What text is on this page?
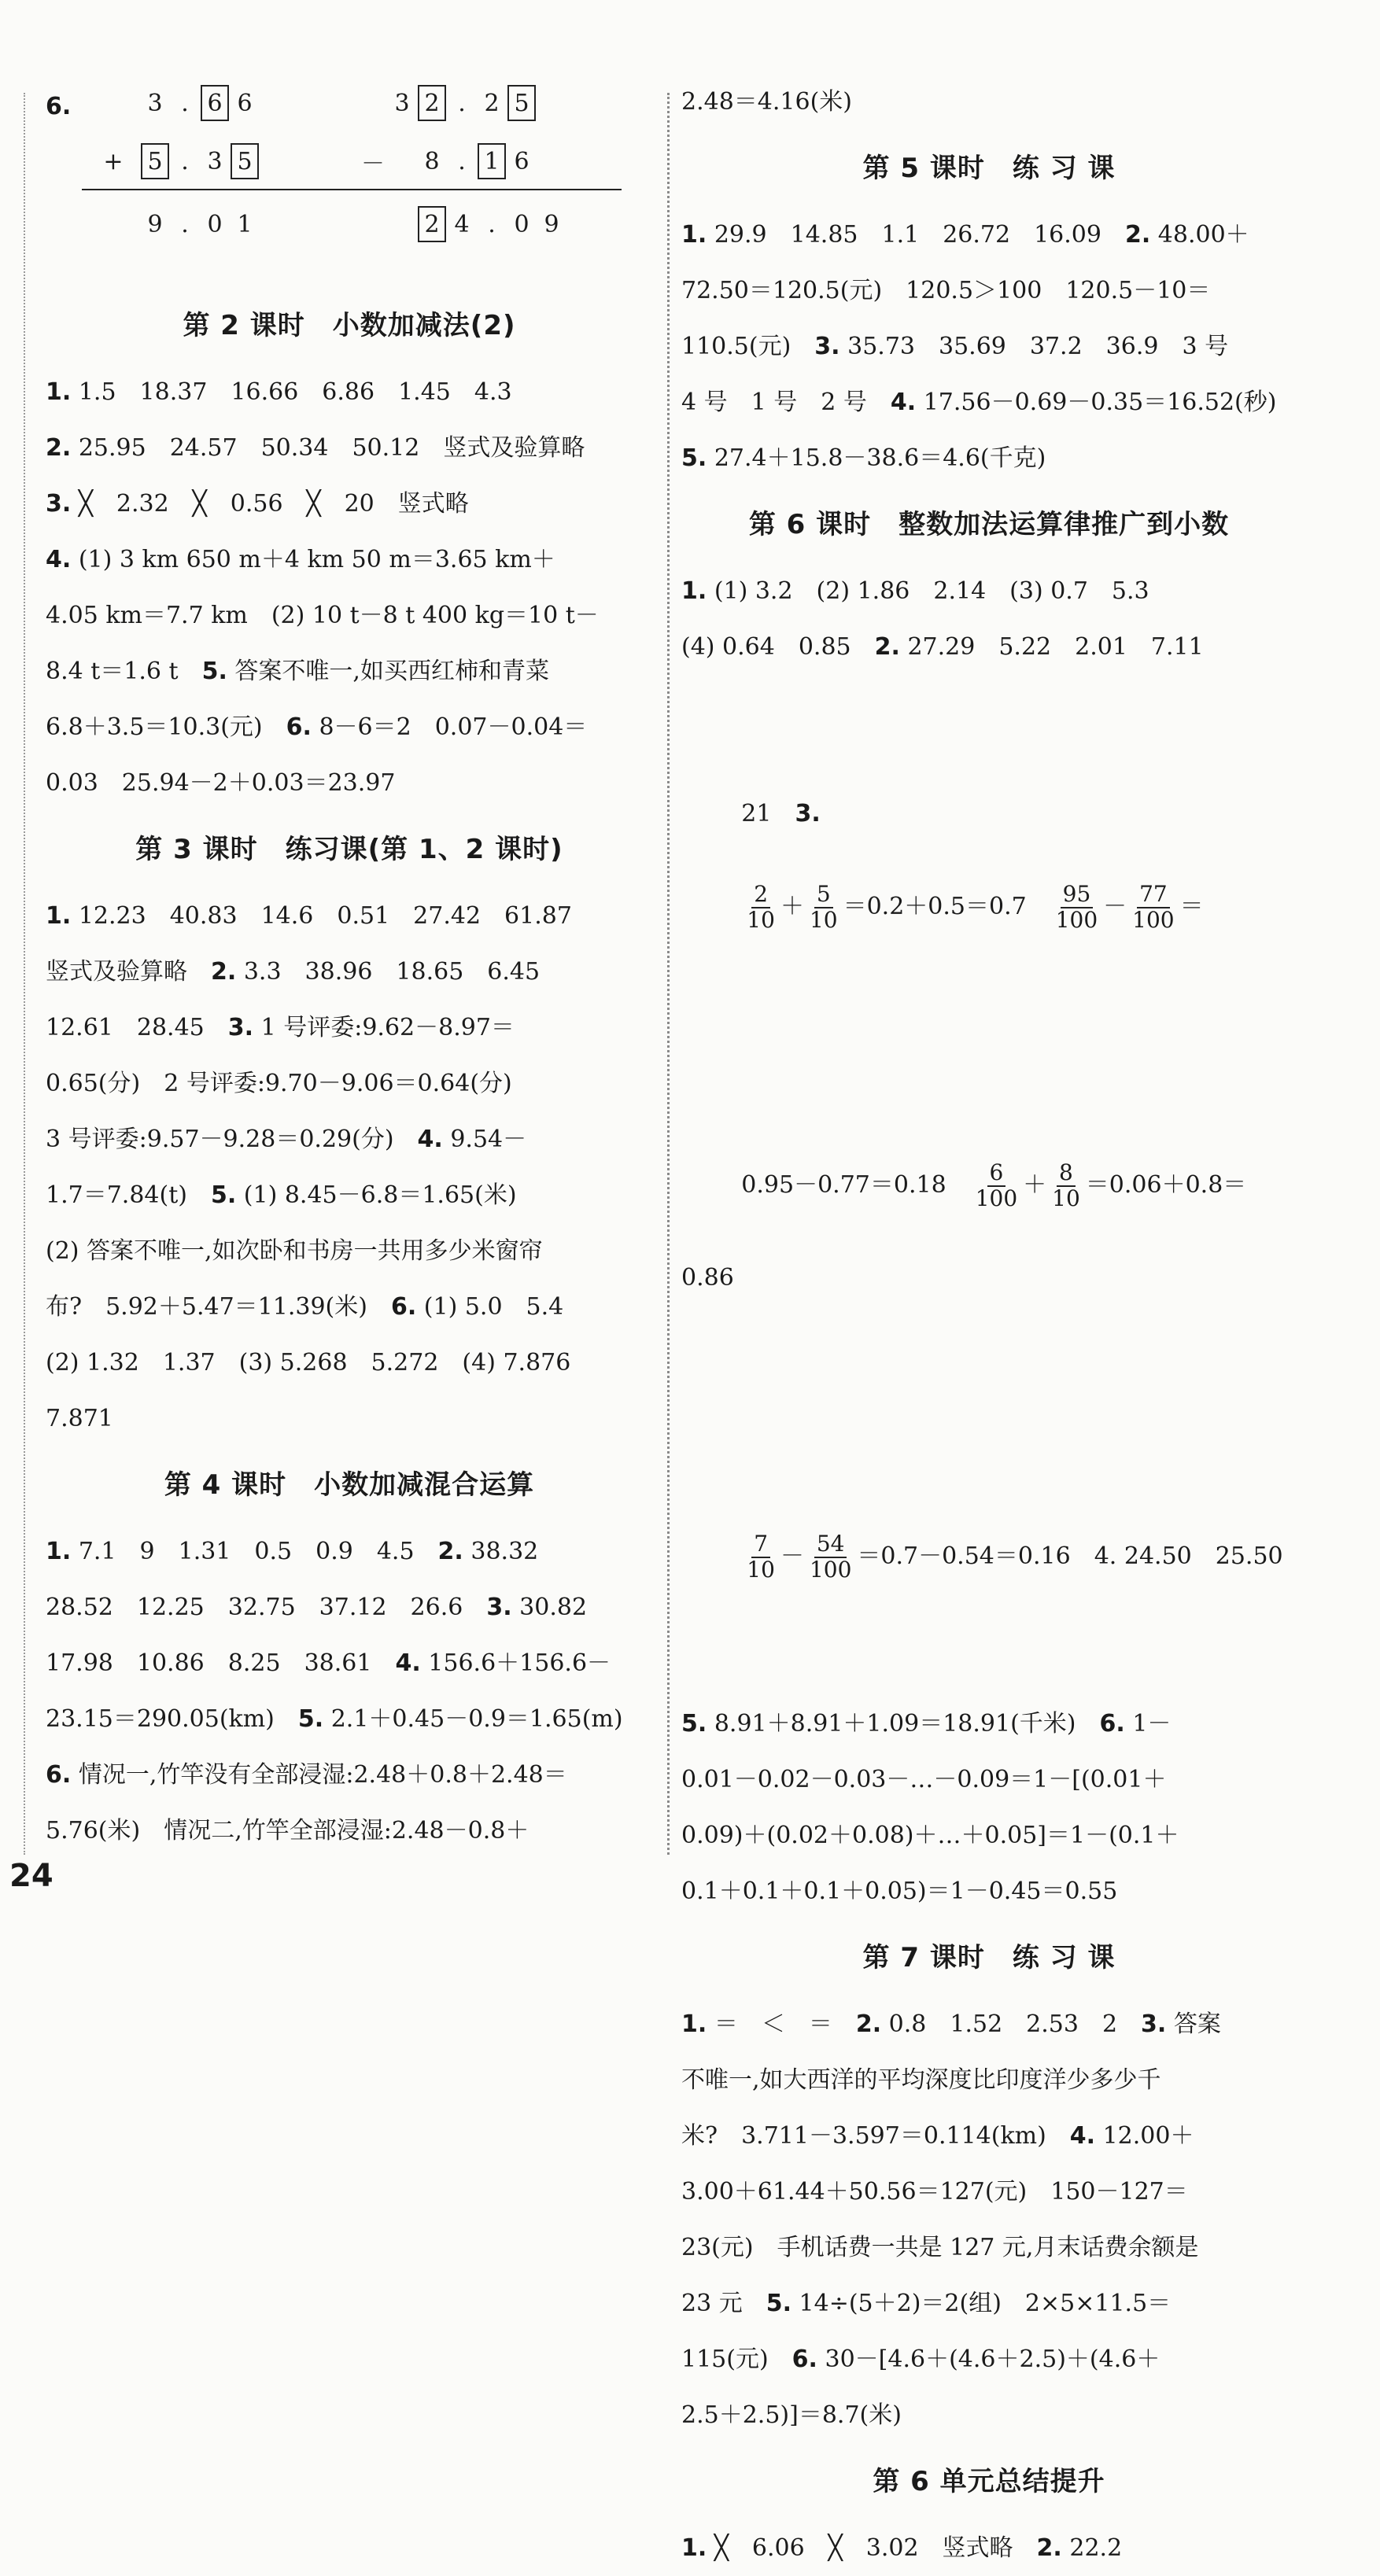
6.	3 . 6 6
+	5 . 3 5
9 . 0 1
3 2 . 2 5
－	8 . 1 6
2 4 . 0 9
第 2 课时　小数加减法(2)

1. 1.5　18.37　16.66　6.86　1.45　4.3

2. 25.95　24.57　50.34　50.12　竖式及验算略

3. ╳　2.32　╳　0.56　╳　20　竖式略

4. (1) 3 km 650 m＋4 km 50 m＝3.65 km＋

4.05 km＝7.7 km　(2) 10 t－8 t 400 kg＝10 t－

8.4 t＝1.6 t　5. 答案不唯一,如买西红柿和青菜

6.8＋3.5＝10.3(元)　6. 8－6＝2　0.07－0.04＝

0.03　25.94－2＋0.03＝23.97

第 3 课时　练习课(第 1、2 课时)

1. 12.23　40.83　14.6　0.51　27.42　61.87

竖式及验算略　2. 3.3　38.96　18.65　6.45

12.61　28.45　3. 1 号评委:9.62－8.97＝

0.65(分)　2 号评委:9.70－9.06＝0.64(分)

3 号评委:9.57－9.28＝0.29(分)　4. 9.54－

1.7＝7.84(t)　5. (1) 8.45－6.8＝1.65(米)

(2) 答案不唯一,如次卧和书房一共用多少米窗帘

布?　5.92＋5.47＝11.39(米)　6. (1) 5.0　5.4

(2) 1.32　1.37　(3) 5.268　5.272　(4) 7.876

7.871

第 4 课时　小数加减混合运算

1. 7.1　9　1.31　0.5　0.9　4.5　2. 38.32

28.52　12.25　32.75　37.12　26.6　3. 30.82

17.98　10.86　8.25　38.61　4. 156.6＋156.6－

23.15＝290.05(km)　5. 2.1＋0.45－0.9＝1.65(m)

6. 情况一,竹竿没有全部浸湿:2.48＋0.8＋2.48＝

5.76(米)　情况二,竹竿全部浸湿:2.48－0.8＋

2.48＝4.16(米)

第 5 课时　练 习 课

1. 29.9　14.85　1.1　26.72　16.09　2. 48.00＋

72.50＝120.5(元)　120.5＞100　120.5－10＝

110.5(元)　3. 35.73　35.69　37.2　36.9　3 号

4 号　1 号　2 号　4. 17.56－0.69－0.35＝16.52(秒)

5. 27.4＋15.8－38.6＝4.6(千克)

第 6 课时　整数加法运算律推广到小数

1. (1) 3.2　(2) 1.86　2.14　(3) 0.7　5.3

(4) 0.64　0.85　2. 27.29　5.22　2.01　7.11

21　3.

$\frac{2}{10} + \frac{5}{10} =0.2+0.5=0.7$　 $\frac{95}{100} - \frac{77}{100}$ ＝

0.95－0.77＝0.18　 $\frac{6}{100} + \frac{8}{10} =0.06+0.8=0.86$

$\frac{7}{10} - \frac{54}{100} =0.7-0.54=0.16$　4. 24.50　25.50

5. 8.91＋8.91＋1.09＝18.91(千米)　6. 1－

0.01－0.02－0.03－…－0.09＝1－[(0.01＋

0.09)＋(0.02＋0.08)＋…＋0.05]＝1－(0.1＋

0.1＋0.1＋0.1＋0.05)＝1－0.45＝0.55

第 7 课时　练 习 课

1. ＝　＜　＝　2. 0.8　1.52　2.53　2　3. 答案

不唯一,如大西洋的平均深度比印度洋少多少千

米?　3.711－3.597＝0.114(km)　4. 12.00＋

3.00＋61.44＋50.56＝127(元)　150－127＝

23(元)　手机话费一共是 127 元,月末话费余额是

23 元　5. 14÷(5＋2)＝2(组)　2×5×11.5＝

115(元)　6. 30－[4.6＋(4.6＋2.5)＋(4.6＋

2.5＋2.5)]＝8.7(米)

第 6 单元总结提升

1. ╳　6.06　╳　3.02　竖式略　2. 22.2

24
